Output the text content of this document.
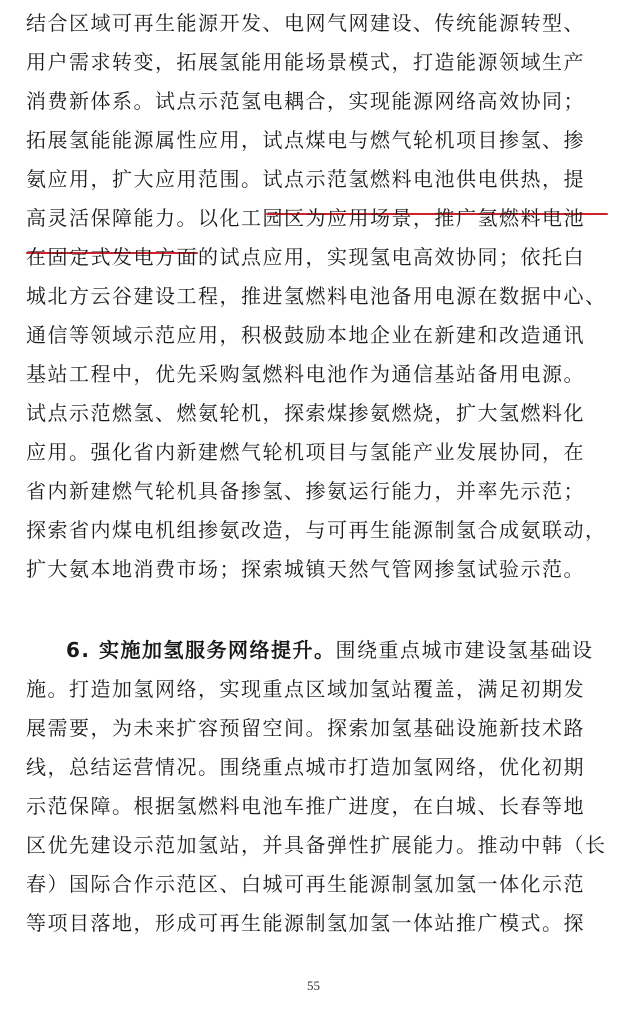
结合区域可再生能源开发、电网气网建设、传统能源转型、
用户需求转变，拓展氢能用能场景模式，打造能源领域生产
消费新体系。试点示范氢电耦合，实现能源网络高效协同；
拓展氢能能源属性应用，试点煤电与燃气轮机项目掺氢、掺
氨应用，扩大应用范围。试点示范氢燃料电池供电供热，提
高灵活保障能力。以化工园区为应用场景，推广氢燃料电池
在固定式发电方面的试点应用，实现氢电高效协同；依托白
城北方云谷建设工程，推进氢燃料电池备用电源在数据中心、
通信等领域示范应用，积极鼓励本地企业在新建和改造通讯
基站工程中，优先采购氢燃料电池作为通信基站备用电源。
试点示范燃氢、燃氨轮机，探索煤掺氨燃烧，扩大氢燃料化
应用。强化省内新建燃气轮机项目与氢能产业发展协同，在
省内新建燃气轮机具备掺氢、掺氨运行能力，并率先示范；
探索省内煤电机组掺氨改造，与可再生能源制氢合成氨联动，
扩大氨本地消费市场；探索城镇天然气管网掺氢试验示范。
6. 实施加氢服务网络提升。围绕重点城市建设氢基础设
施。打造加氢网络，实现重点区域加氢站覆盖，满足初期发
展需要，为未来扩容预留空间。探索加氢基础设施新技术路
线，总结运营情况。围绕重点城市打造加氢网络，优化初期
示范保障。根据氢燃料电池车推广进度，在白城、长春等地
区优先建设示范加氢站，并具备弹性扩展能力。推动中韩（长
春）国际合作示范区、白城可再生能源制氢加氢一体化示范
等项目落地，形成可再生能源制氢加氢一体站推广模式。探
55
